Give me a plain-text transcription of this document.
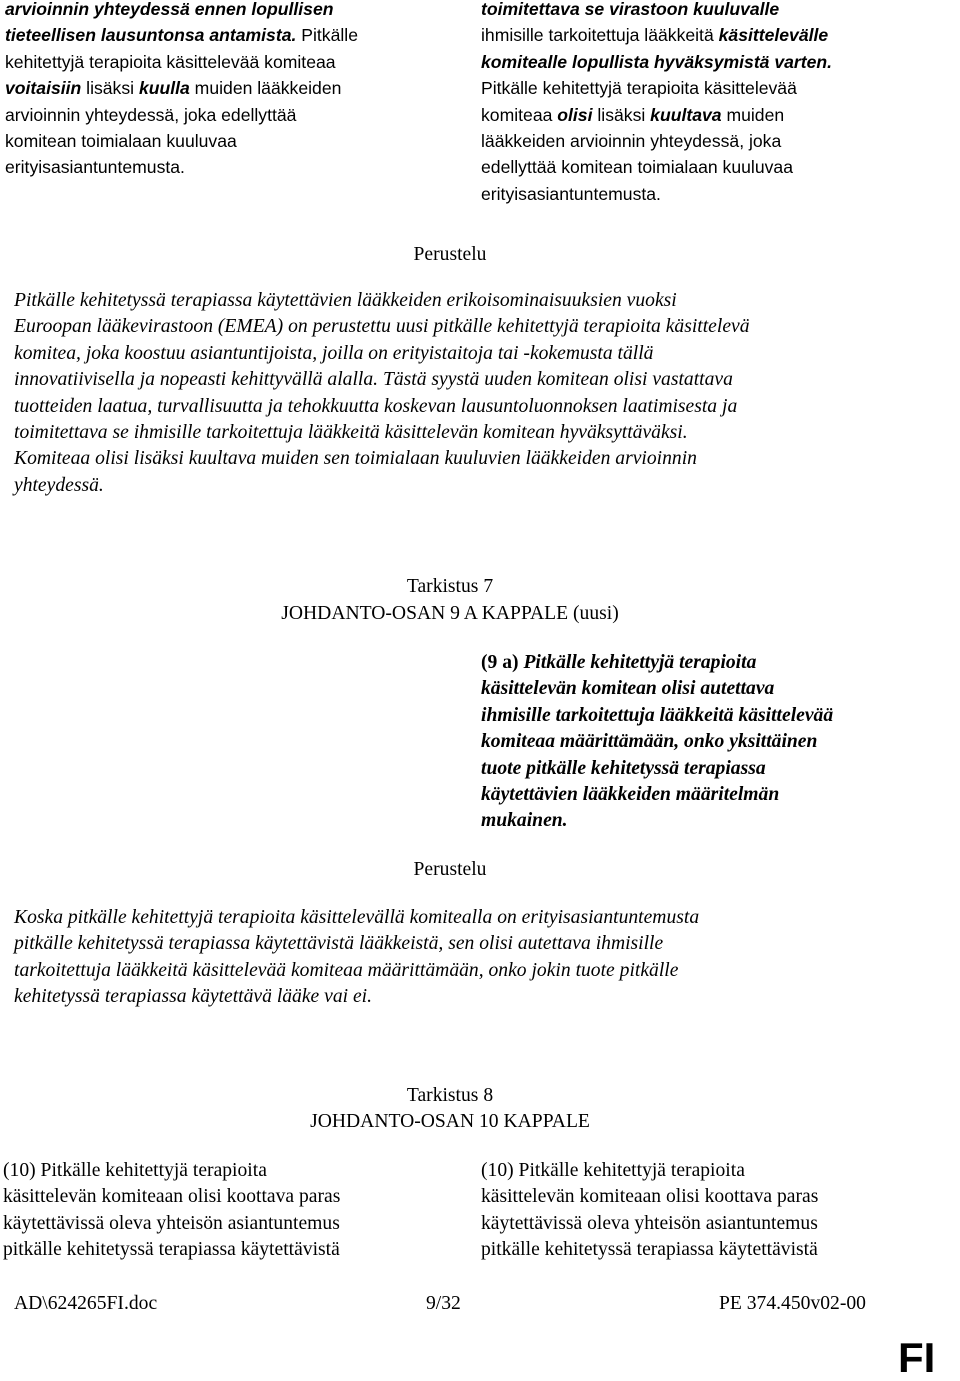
arvioinnin yhteydessä ennen lopullisen
tieteellisen lausuntonsa antamista. Pitkälle
kehitettyjä terapioita käsittelevää komiteaa
voitaisiin lisäksi kuulla muiden lääkkeiden
arvioinnin yhteydessä, joka edellyttää
komitean toimialaan kuuluvaa
erityisasiantuntemusta.
toimitettava se virastoon kuuluvalle
ihmisille tarkoitettuja lääkkeitä käsittelevälle
komitealle lopullista hyväksymistä varten.
Pitkälle kehitettyjä terapioita käsittelevää
komiteaa olisi lisäksi kuultava muiden
lääkkeiden arvioinnin yhteydessä, joka
edellyttää komitean toimialaan kuuluvaa
erityisasiantuntemusta.
Perustelu
Pitkälle kehitetyssä terapiassa käytettävien lääkkeiden erikoisominaisuuksien vuoksi
Euroopan lääkevirastoon (EMEA) on perustettu uusi pitkälle kehitettyjä terapioita käsittelevä
komitea, joka koostuu asiantuntijoista, joilla on erityistaitoja tai -kokemusta tällä
innovatiivisella ja nopeasti kehittyvällä alalla. Tästä syystä uuden komitean olisi vastattava
tuotteiden laatua, turvallisuutta ja tehokkuutta koskevan lausuntoluonnoksen laatimisesta ja
toimitettava se ihmisille tarkoitettuja lääkkeitä käsittelevän komitean hyväksyttäväksi.
Komiteaa olisi lisäksi kuultava muiden sen toimialaan kuuluvien lääkkeiden arvioinnin
yhteydessä.
Tarkistus 7
JOHDANTO-OSAN 9 A KAPPALE (uusi)
(9 a) Pitkälle kehitettyjä terapioita
käsittelevän komitean olisi autettava
ihmisille tarkoitettuja lääkkeitä käsittelevää
komiteaa määrittämään, onko yksittäinen
tuote pitkälle kehitetyssä terapiassa
käytettävien lääkkeiden määritelmän
mukainen.
Perustelu
Koska pitkälle kehitettyjä terapioita käsittelevällä komitealla on erityisasiantuntemusta
pitkälle kehitetyssä terapiassa käytettävistä lääkkeistä, sen olisi autettava ihmisille
tarkoitettuja lääkkeitä käsittelevää komiteaa määrittämään, onko jokin tuote pitkälle
kehitetyssä terapiassa käytettävä lääke vai ei.
Tarkistus 8
JOHDANTO-OSAN 10 KAPPALE
(10) Pitkälle kehitettyjä terapioita
käsittelevän komiteaan olisi koottava paras
käytettävissä oleva yhteisön asiantuntemus
pitkälle kehitetyssä terapiassa käytettävistä
(10) Pitkälle kehitettyjä terapioita
käsittelevän komiteaan olisi koottava paras
käytettävissä oleva yhteisön asiantuntemus
pitkälle kehitetyssä terapiassa käytettävistä
AD\624265FI.doc	9/32	PE 374.450v02-00
FI
